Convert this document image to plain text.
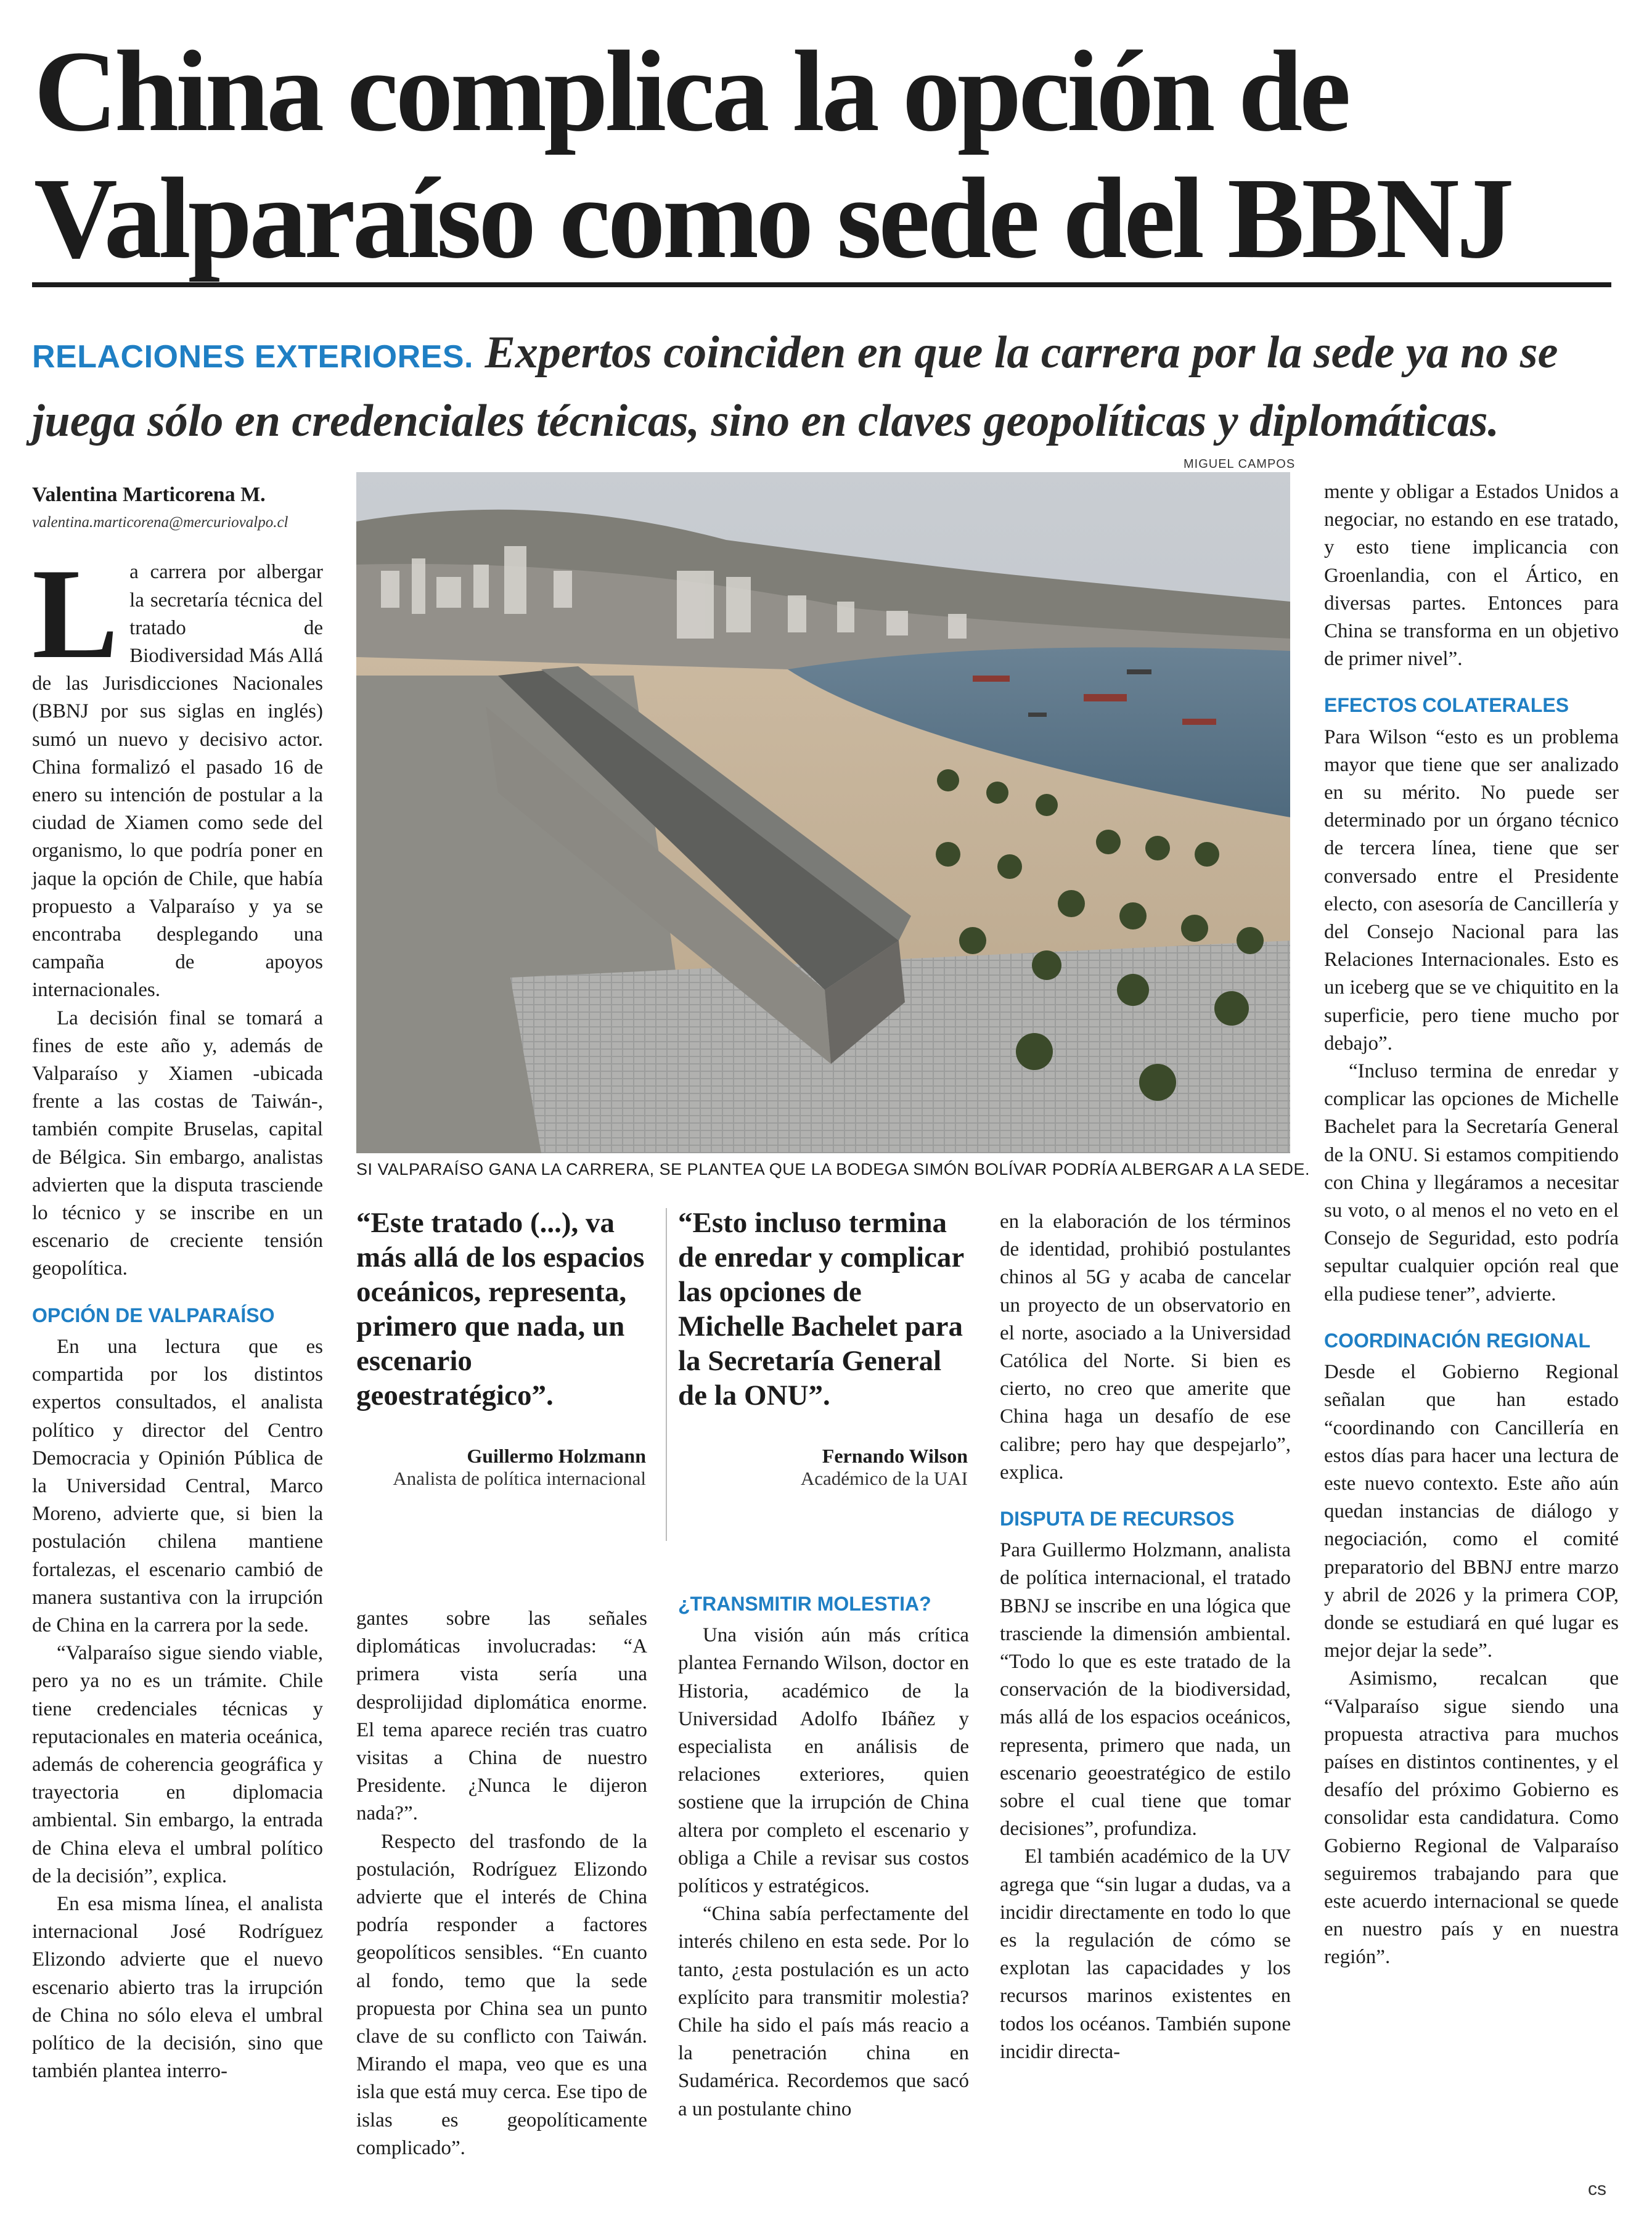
China complica la opción de
Valparaíso como sede del BBNJ
RELACIONES EXTERIORES. Expertos coinciden en que la carrera por la sede ya no se
juega sólo en credenciales técnicas, sino en claves geopolíticas y diplomáticas.
Valentina Marticorena M.
valentina.marticorena@mercuriovalpo.cl

La carrera por albergar la secretaría técnica del tratado de Biodiversidad Más Allá de las Jurisdicciones Nacionales (BBNJ por sus siglas en inglés) sumó un nuevo y decisivo actor. China formalizó el pasado 16 de enero su intención de postular a la ciudad de Xiamen como sede del organismo, lo que podría poner en jaque la opción de Chile, que había propuesto a Valparaíso y ya se encontraba desplegando una campaña de apoyos internacionales.

La decisión final se tomará a fines de este año y, además de Valparaíso y Xiamen -ubicada frente a las costas de Taiwán-, también compite Bruselas, capital de Bélgica. Sin embargo, analistas advierten que la disputa trasciende lo técnico y se inscribe en un escenario de creciente tensión geopolítica.

OPCIÓN DE VALPARAÍSO

En una lectura que es compartida por los distintos expertos consultados, el analista político y director del Centro Democracia y Opinión Pública de la Universidad Central, Marco Moreno, advierte que, si bien la postulación chilena mantiene fortalezas, el escenario cambió de manera sustantiva con la irrupción de China en la carrera por la sede.

“Valparaíso sigue siendo viable, pero ya no es un trámite. Chile tiene credenciales técnicas y reputacionales en materia oceánica, además de coherencia geográfica y trayectoria en diplomacia ambiental. Sin embargo, la entrada de China eleva el umbral político de la decisión”, explica.

En esa misma línea, el analista internacional José Rodríguez Elizondo advierte que el nuevo escenario abierto tras la irrupción de China no sólo eleva el umbral político de la decisión, sino que también plantea interro-

MIGUEL CAMPOS
SI VALPARAÍSO GANA LA CARRERA, SE PLANTEA QUE LA BODEGA SIMÓN BOLÍVAR PODRÍA ALBERGAR A LA SEDE.
“Este tratado (...), va más allá de los espacios oceánicos, representa, primero que nada, un escenario geoestratégico”.
Guillermo Holzmann
Analista de política internacional
“Esto incluso termina de enredar y complicar las opciones de Michelle Bachelet para la Secretaría General de la ONU”.
Fernando Wilson
Académico de la UAI

gantes sobre las señales diplomáticas involucradas: “A primera vista sería una desprolijidad diplomática enorme. El tema aparece recién tras cuatro visitas a China de nuestro Presidente. ¿Nunca le dijeron nada?”.

Respecto del trasfondo de la postulación, Rodríguez Elizondo advierte que el interés de China podría responder a factores geopolíticos sensibles. “En cuanto al fondo, temo que la sede propuesta por China sea un punto clave de su conflicto con Taiwán. Mirando el mapa, veo que es una isla que está muy cerca. Ese tipo de islas es geopolíticamente complicado”.

¿TRANSMITIR MOLESTIA?

Una visión aún más crítica plantea Fernando Wilson, doctor en Historia, académico de la Universidad Adolfo Ibáñez y especialista en análisis de relaciones exteriores, quien sostiene que la irrupción de China altera por completo el escenario y obliga a Chile a revisar sus costos políticos y estratégicos.

“China sabía perfectamente del interés chileno en esta sede. Por lo tanto, ¿esta postulación es un acto explícito para transmitir molestia? Chile ha sido el país más reacio a la penetración china en Sudamérica. Recordemos que sacó a un postulante chino

en la elaboración de los términos de identidad, prohibió postulantes chinos al 5G y acaba de cancelar un proyecto de un observatorio en el norte, asociado a la Universidad Católica del Norte. Si bien es cierto, no creo que amerite que China haga un desafío de ese calibre; pero hay que despejarlo”, explica.

DISPUTA DE RECURSOS

Para Guillermo Holzmann, analista de política internacional, el tratado BBNJ se inscribe en una lógica que trasciende la dimensión ambiental. “Todo lo que es este tratado de la conservación de la biodiversidad, más allá de los espacios oceánicos, representa, primero que nada, un escenario geoestratégico de estilo sobre el cual tiene que tomar decisiones”, profundiza.

El también académico de la UV agrega que “sin lugar a dudas, va a incidir directamente en todo lo que es la regulación de cómo se explotan las capacidades y los recursos marinos existentes en todos los océanos. También supone incidir directa-

mente y obligar a Estados Unidos a negociar, no estando en ese tratado, y esto tiene implicancia con Groenlandia, con el Ártico, en diversas partes. Entonces para China se transforma en un objetivo de primer nivel”.

EFECTOS COLATERALES

Para Wilson “esto es un problema mayor que tiene que ser analizado en su mérito. No puede ser determinado por un órgano técnico de tercera línea, tiene que ser conversado entre el Presidente electo, con asesoría de Cancillería y del Consejo Nacional para las Relaciones Internacionales. Esto es un iceberg que se ve chiquitito en la superficie, pero tiene mucho por debajo”.

“Incluso termina de enredar y complicar las opciones de Michelle Bachelet para la Secretaría General de la ONU. Si estamos compitiendo con China y llegáramos a necesitar su voto, o al menos el no veto en el Consejo de Seguridad, esto podría sepultar cualquier opción real que ella pudiese tener”, advierte.

COORDINACIÓN REGIONAL

Desde el Gobierno Regional señalan que han estado “coordinando con Cancillería en estos días para hacer una lectura de este nuevo contexto. Este año aún quedan instancias de diálogo y negociación, como el comité preparatorio del BBNJ entre marzo y abril de 2026 y la primera COP, donde se estudiará en qué lugar es mejor dejar la sede”.

Asimismo, recalcan que “Valparaíso sigue siendo una propuesta atractiva para muchos países en distintos continentes, y el desafío del próximo Gobierno es consolidar esta candidatura. Como Gobierno Regional de Valparaíso seguiremos trabajando para que este acuerdo internacional se quede en nuestro país y en nuestra región”.

cs
